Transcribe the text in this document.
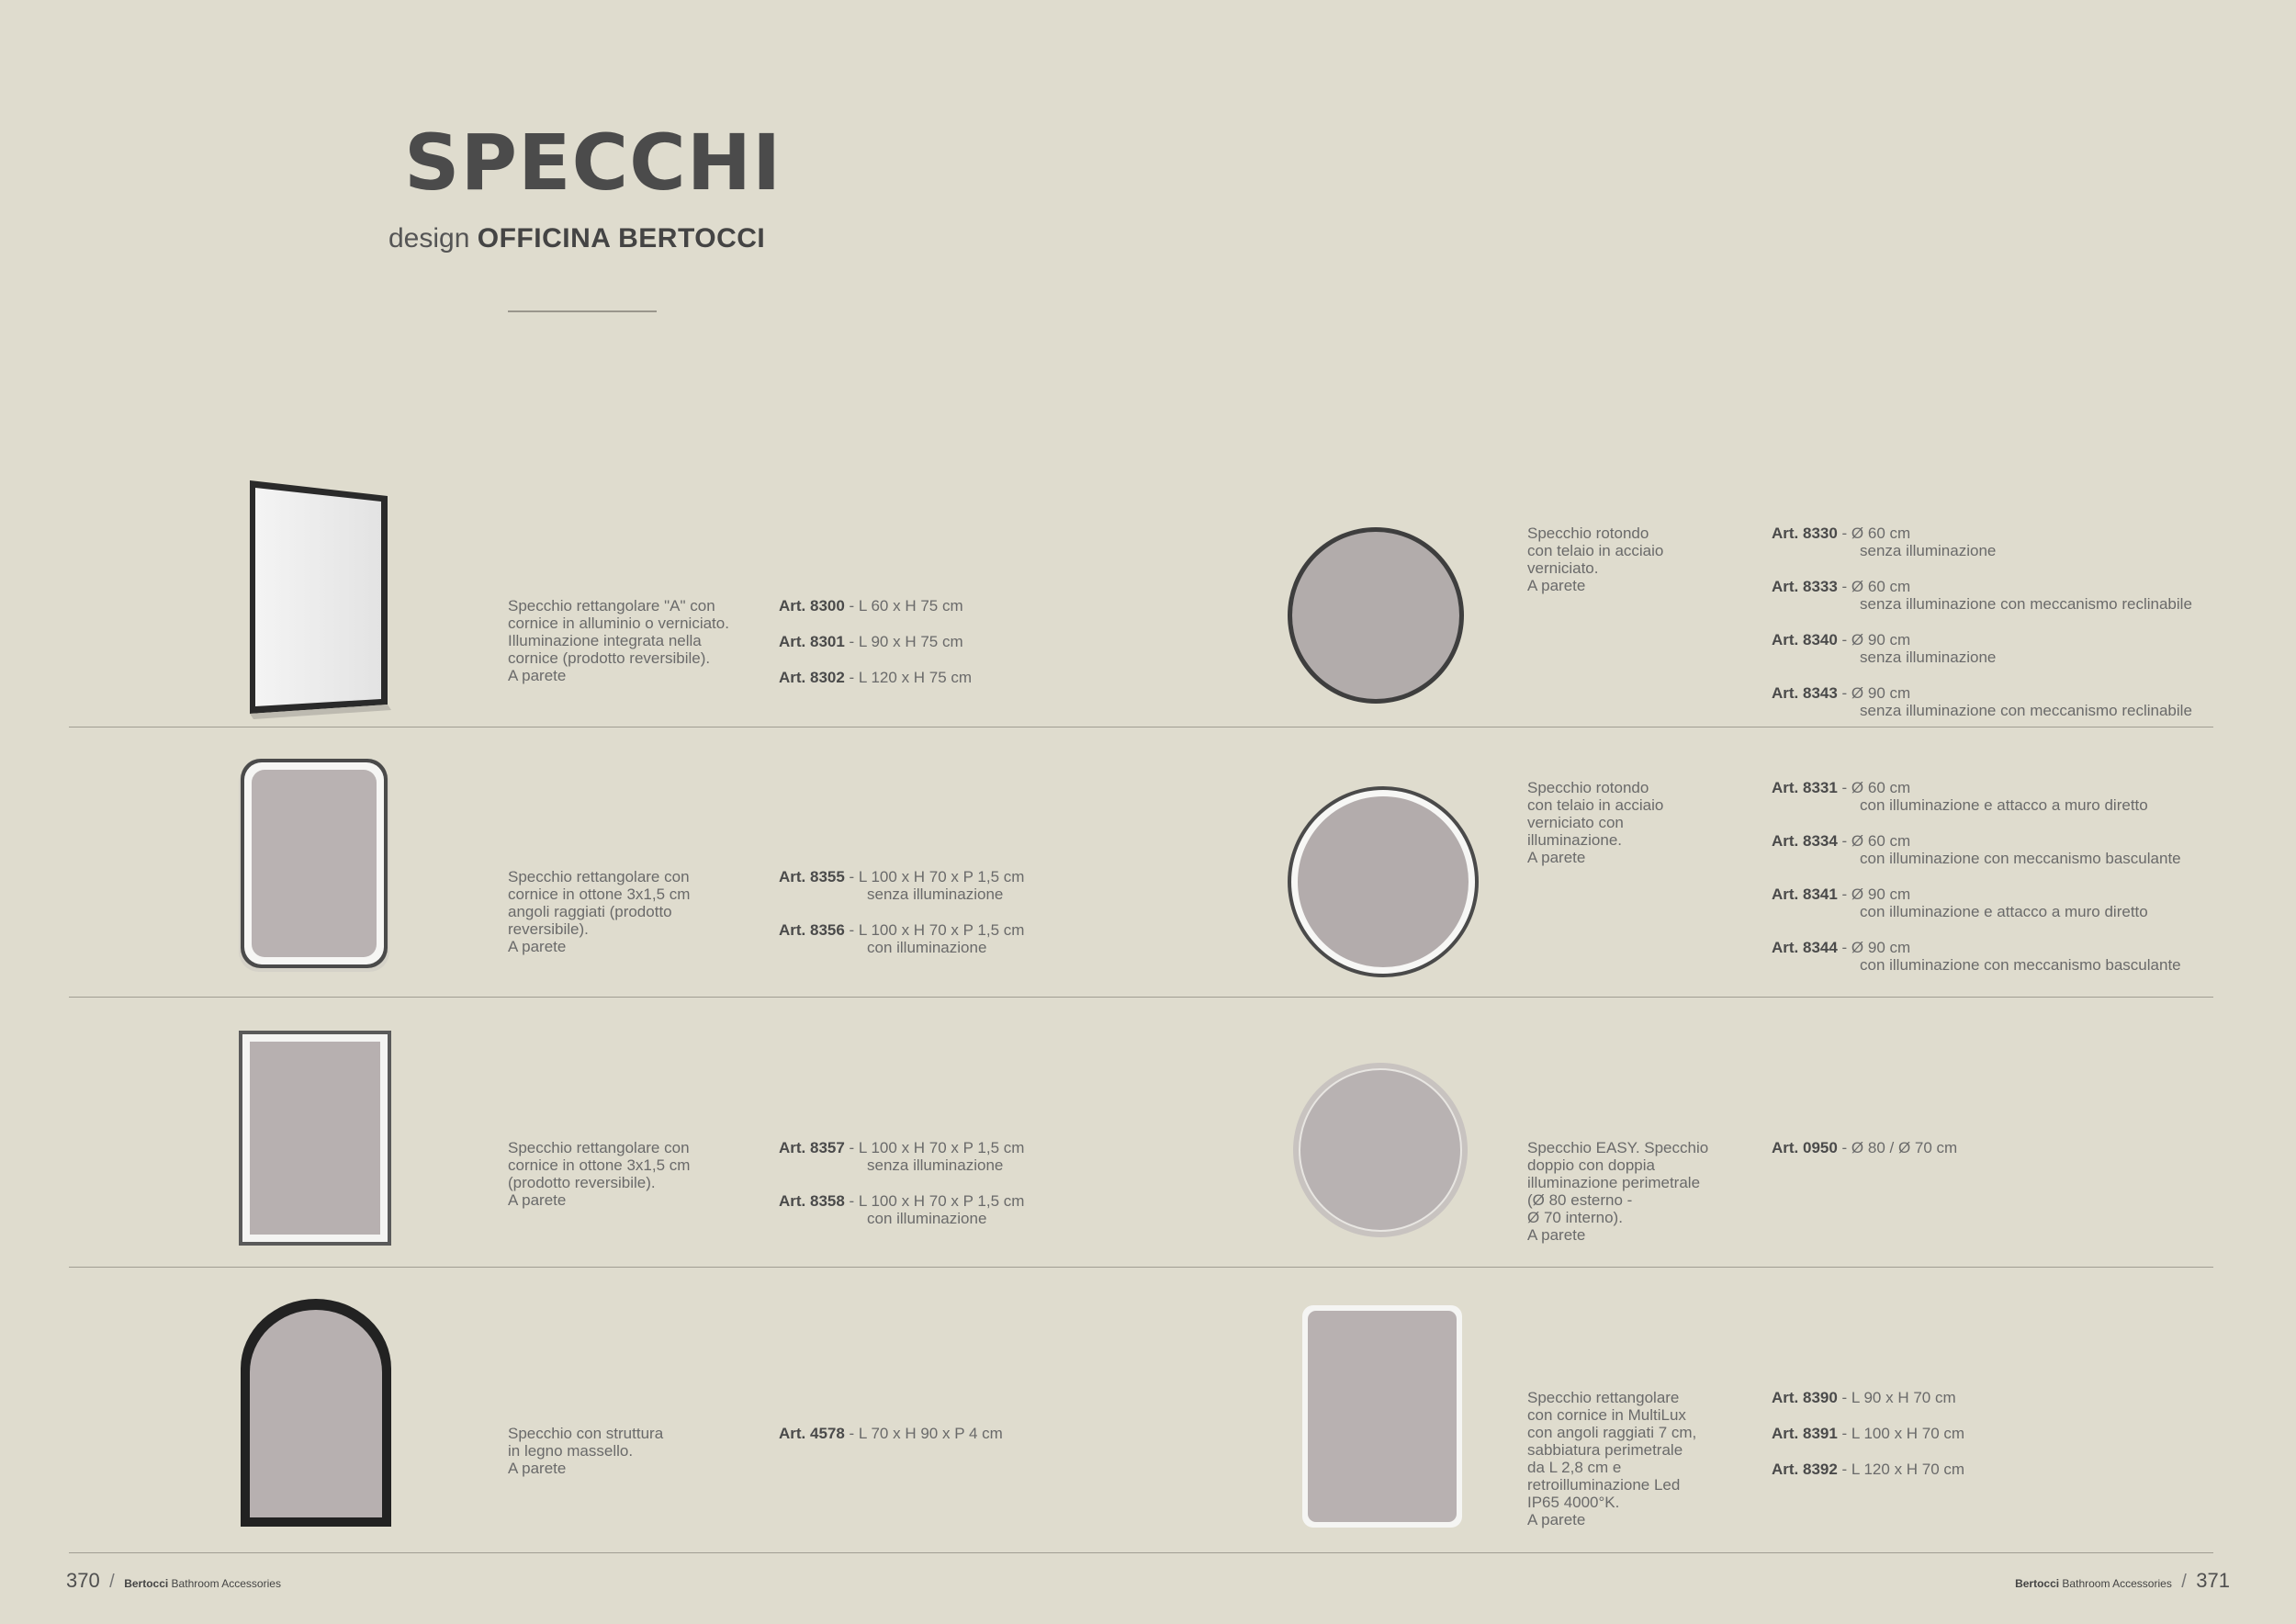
SPECCHI
design OFFICINA BERTOCCI
Specchio rettangolare "A" con
cornice in alluminio o verniciato.
Illuminazione integrata nella
cornice (prodotto reversibile).
A parete
Art. 8300 - L 60 x H 75 cm
Art. 8301 - L 90 x H 75 cm
Art. 8302 - L 120 x H 75 cm
Specchio rettangolare con
cornice in ottone 3x1,5 cm
angoli raggiati (prodotto
reversibile).
A parete
Art. 8355 - L 100 x H 70 x P 1,5 cm
senza illuminazione
Art. 8356 - L 100 x H 70 x P 1,5 cm
con illuminazione
Specchio rettangolare con
cornice in ottone 3x1,5 cm
(prodotto reversibile).
A parete
Art. 8357 - L 100 x H 70 x P 1,5 cm
senza illuminazione
Art. 8358 - L 100 x H 70 x P 1,5 cm
con illuminazione
Specchio con struttura
in legno massello.
A parete
Art. 4578 - L 70 x H 90 x P 4 cm
Specchio rotondo
con telaio in acciaio
verniciato.
A parete
Art. 8330 - Ø 60 cm
senza illuminazione
Art. 8333 - Ø 60 cm
senza illuminazione con meccanismo reclinabile
Art. 8340 - Ø 90 cm
senza illuminazione
Art. 8343 - Ø 90 cm
senza illuminazione con meccanismo reclinabile
Specchio rotondo
con telaio in acciaio
verniciato con
illuminazione.
A parete
Art. 8331 - Ø 60 cm
con illuminazione e attacco a muro diretto
Art. 8334 - Ø 60 cm
con illuminazione con meccanismo basculante
Art. 8341 - Ø 90 cm
con illuminazione e attacco a muro diretto
Art. 8344 - Ø 90 cm
con illuminazione con meccanismo basculante
Specchio EASY. Specchio
doppio con doppia
illuminazione perimetrale
(Ø 80 esterno -
Ø 70 interno).
A parete
Art. 0950 - Ø 80 / Ø 70 cm
Specchio rettangolare
con cornice in MultiLux
con angoli raggiati 7 cm,
sabbiatura perimetrale
da L 2,8 cm e
retroilluminazione Led
IP65 4000°K.
A parete
Art. 8390 - L 90 x H 70 cm
Art. 8391 - L 100 x H 70 cm
Art. 8392 - L 120 x H 70 cm
370 / Bertocci Bathroom Accessories	Bertocci Bathroom Accessories / 371
